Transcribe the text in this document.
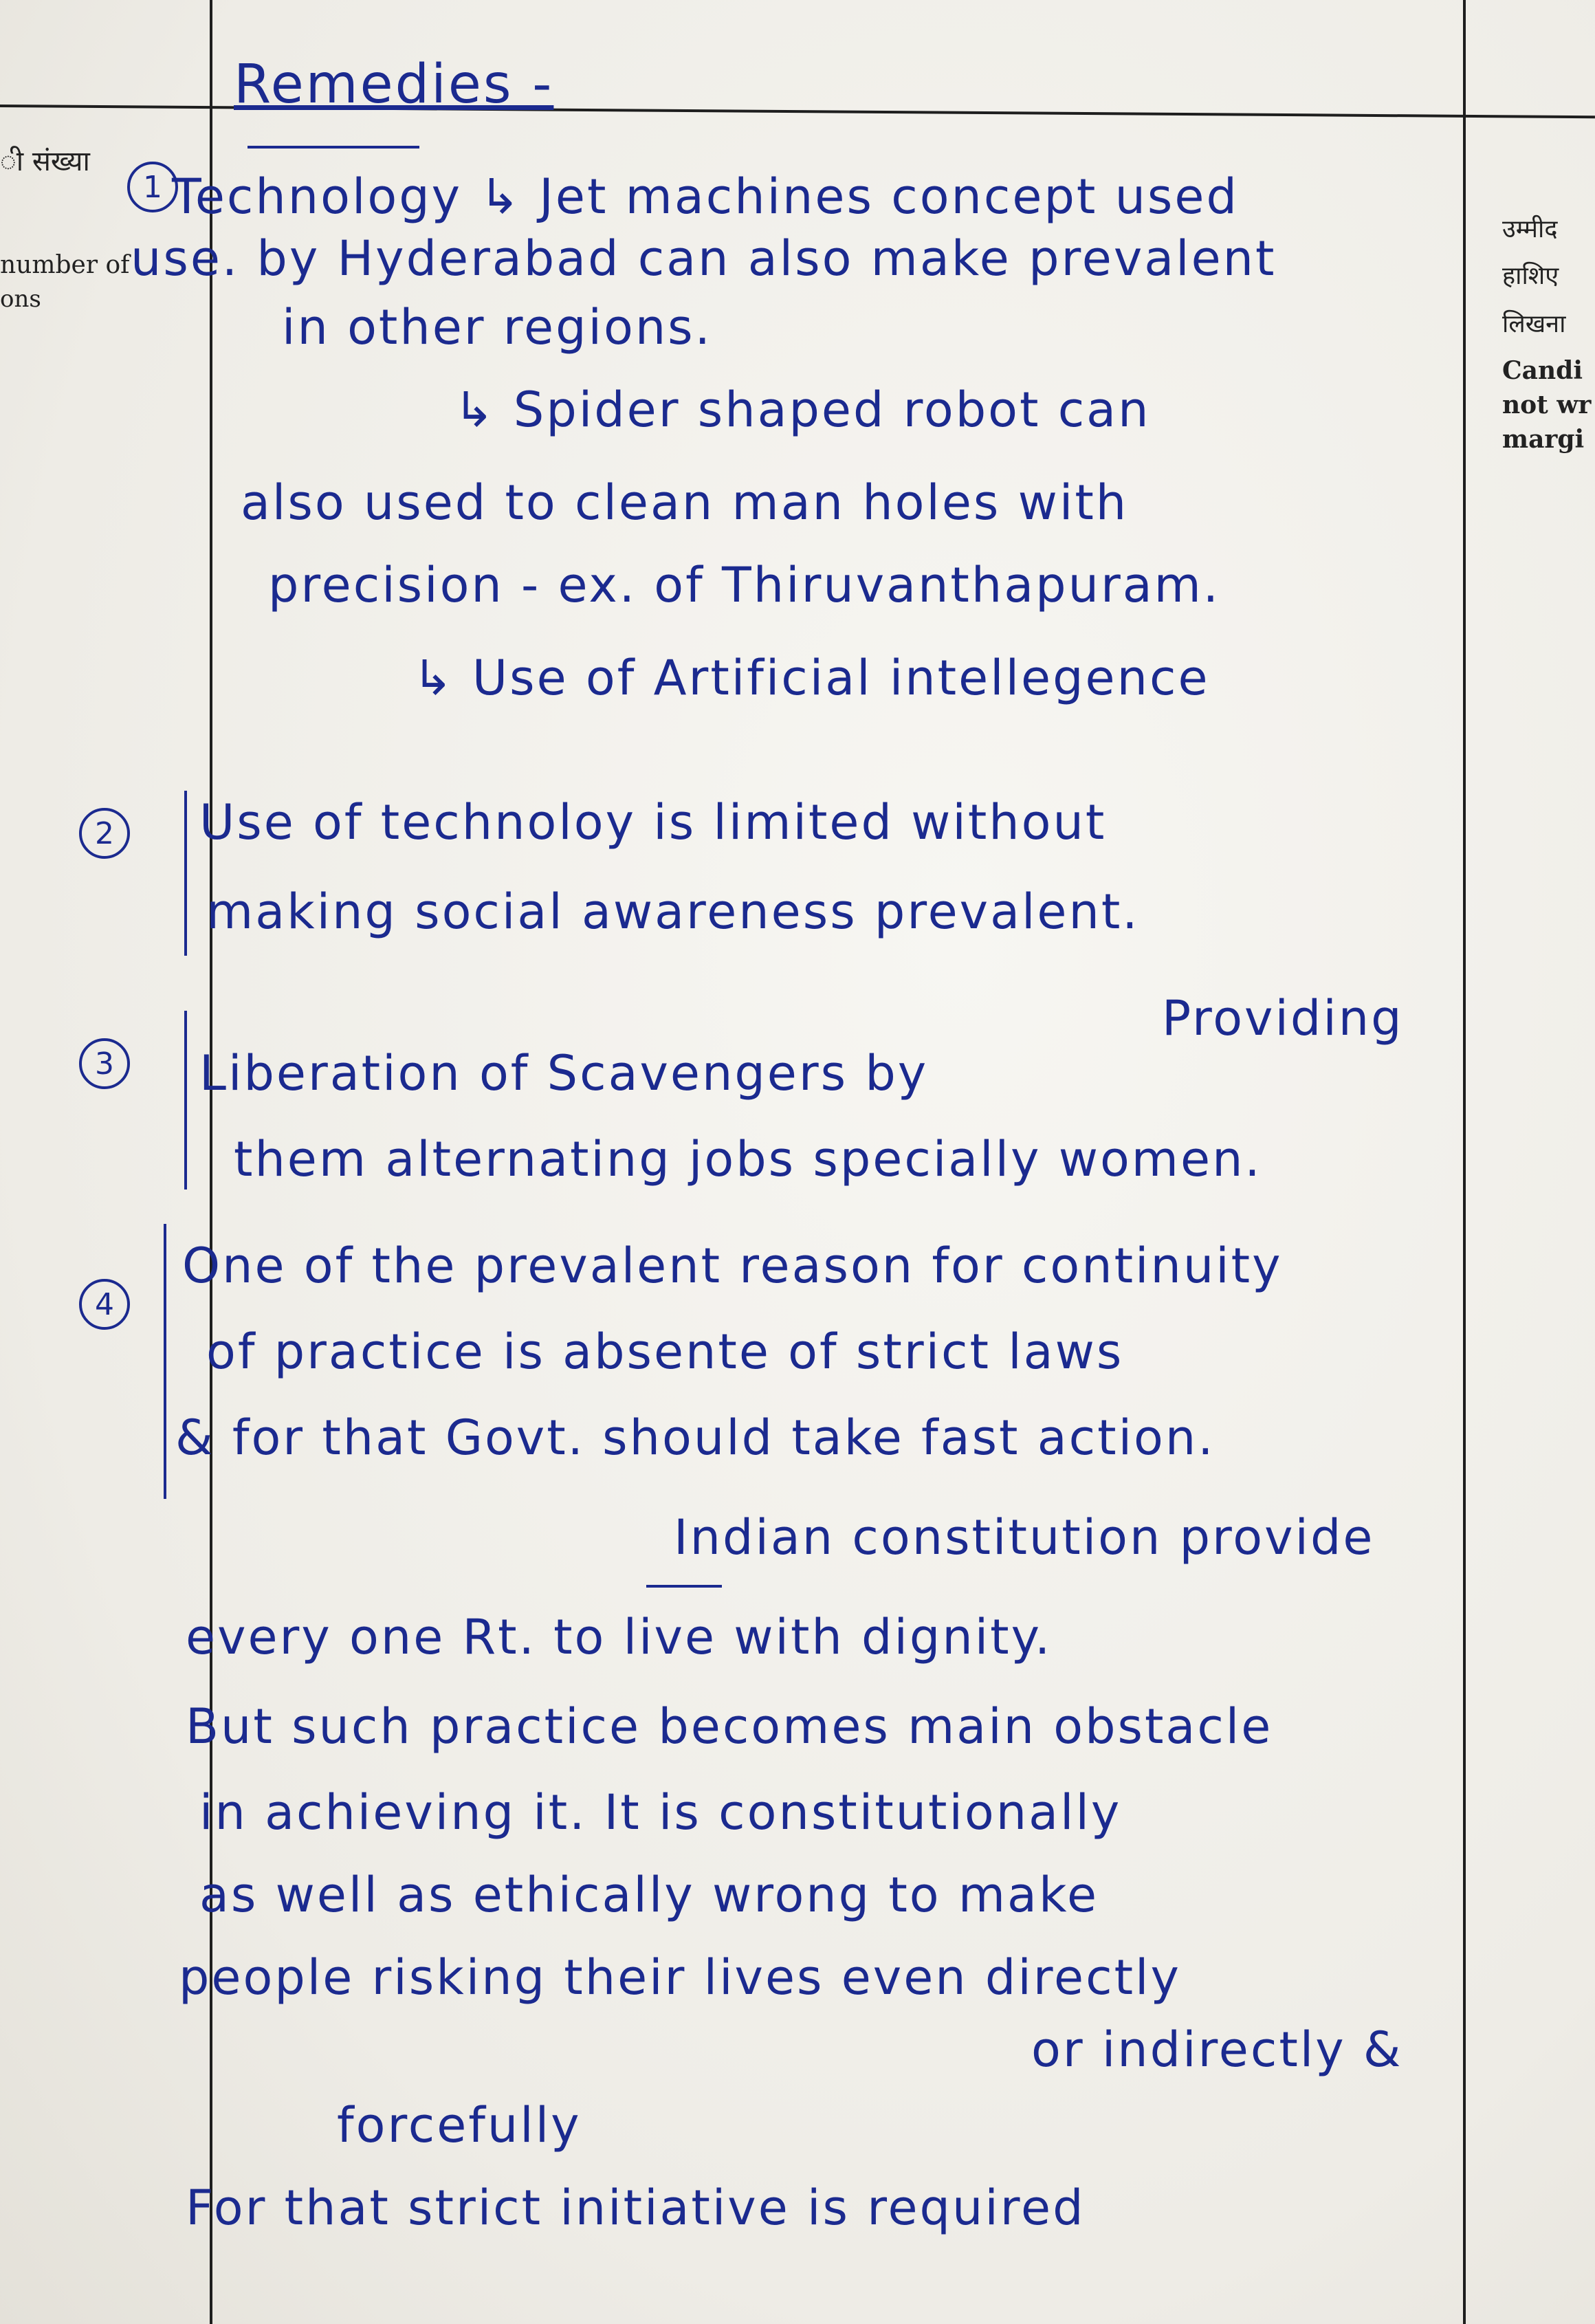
ी संख्या
number of
ons
उम्मीद
हाशिए
लिखना
Candi
not wr
margi
Remedies -
1 Technology ↳ Jet machines concept used
use. by Hyderabad can also make prevalent
in other regions.
↳ Spider shaped robot can
also used to clean man holes with
precision - ex. of Thiruvanthapuram.
↳ Use of Artificial intellegence
2	Use of technoloy is limited without
making social awareness prevalent.
3
Providing
Liberation of Scavengers by
them alternating jobs specially women.
4
One of the prevalent reason for continuity
of practice is absente of strict laws
& for that Govt. should take fast action.
Indian constitution provide
every one Rt. to live with dignity.
But such practice becomes main obstacle
in achieving it. It is constitutionally
as well as ethically wrong to make
people risking their lives even directly
or indirectly &
forcefully
For that strict initiative is required
